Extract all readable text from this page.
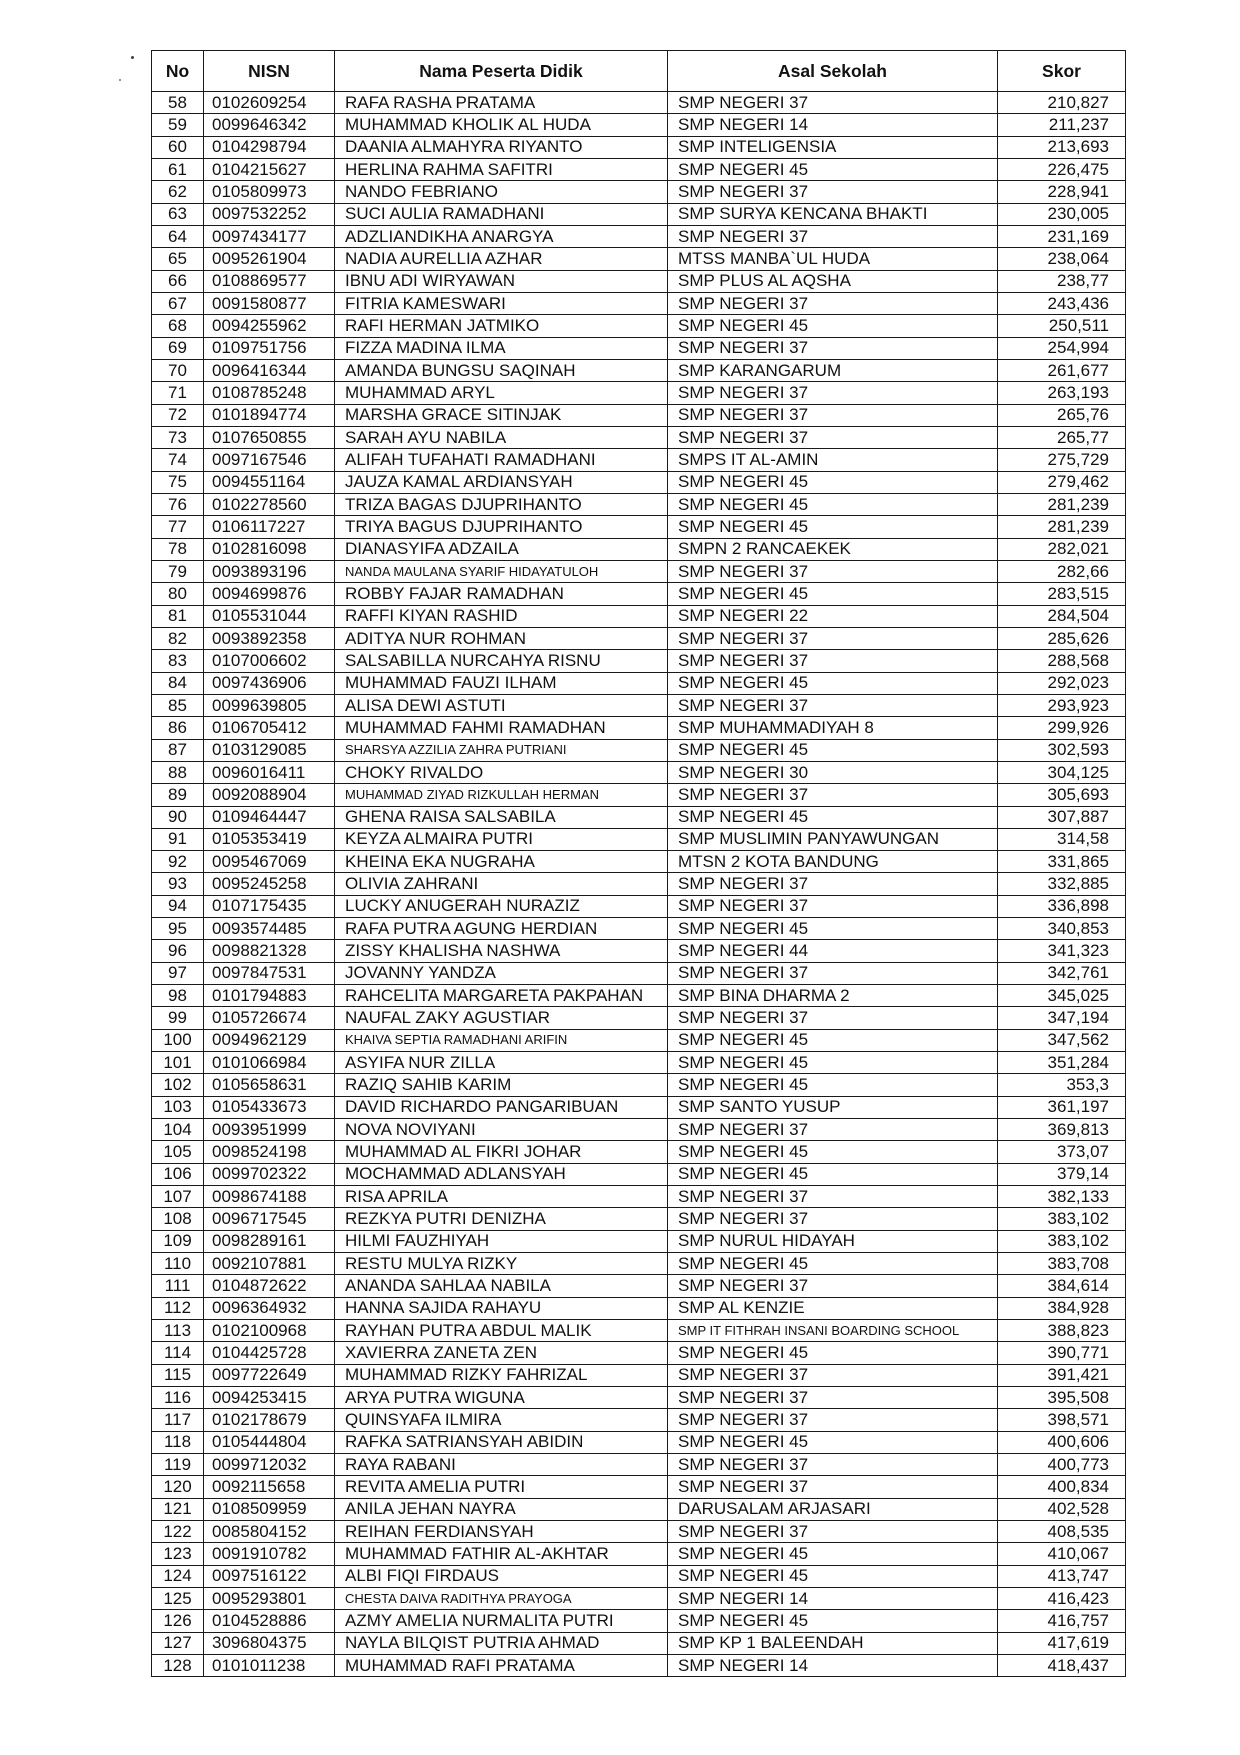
No	NISN	Nama Peserta Didik	Asal Sekolah	Skor
58	0102609254	RAFA RASHA PRATAMA	SMP NEGERI 37	210,827
59	0099646342	MUHAMMAD KHOLIK AL HUDA	SMP NEGERI 14	211,237
60	0104298794	DAANIA ALMAHYRA RIYANTO	SMP INTELIGENSIA	213,693
61	0104215627	HERLINA RAHMA SAFITRI	SMP NEGERI 45	226,475
62	0105809973	NANDO FEBRIANO	SMP NEGERI 37	228,941
63	0097532252	SUCI AULIA RAMADHANI	SMP SURYA KENCANA BHAKTI	230,005
64	0097434177	ADZLIANDIKHA ANARGYA	SMP NEGERI 37	231,169
65	0095261904	NADIA AURELLIA AZHAR	MTSS MANBA`UL HUDA	238,064
66	0108869577	IBNU ADI WIRYAWAN	SMP PLUS AL AQSHA	238,77
67	0091580877	FITRIA KAMESWARI	SMP NEGERI 37	243,436
68	0094255962	RAFI HERMAN JATMIKO	SMP NEGERI 45	250,511
69	0109751756	FIZZA MADINA ILMA	SMP NEGERI 37	254,994
70	0096416344	AMANDA BUNGSU SAQINAH	SMP KARANGARUM	261,677
71	0108785248	MUHAMMAD ARYL	SMP NEGERI 37	263,193
72	0101894774	MARSHA GRACE SITINJAK	SMP NEGERI 37	265,76
73	0107650855	SARAH AYU NABILA	SMP NEGERI 37	265,77
74	0097167546	ALIFAH TUFAHATI RAMADHANI	SMPS IT AL-AMIN	275,729
75	0094551164	JAUZA KAMAL ARDIANSYAH	SMP NEGERI 45	279,462
76	0102278560	TRIZA BAGAS DJUPRIHANTO	SMP NEGERI 45	281,239
77	0106117227	TRIYA BAGUS DJUPRIHANTO	SMP NEGERI 45	281,239
78	0102816098	DIANASYIFA ADZAILA	SMPN 2 RANCAEKEK	282,021
79	0093893196	NANDA MAULANA SYARIF HIDAYATULOH	SMP NEGERI 37	282,66
80	0094699876	ROBBY FAJAR RAMADHAN	SMP NEGERI 45	283,515
81	0105531044	RAFFI KIYAN RASHID	SMP NEGERI 22	284,504
82	0093892358	ADITYA NUR ROHMAN	SMP NEGERI 37	285,626
83	0107006602	SALSABILLA NURCAHYA RISNU	SMP NEGERI 37	288,568
84	0097436906	MUHAMMAD FAUZI ILHAM	SMP NEGERI 45	292,023
85	0099639805	ALISA DEWI ASTUTI	SMP NEGERI 37	293,923
86	0106705412	MUHAMMAD FAHMI RAMADHAN	SMP MUHAMMADIYAH 8	299,926
87	0103129085	SHARSYA AZZILIA ZAHRA PUTRIANI	SMP NEGERI 45	302,593
88	0096016411	CHOKY RIVALDO	SMP NEGERI 30	304,125
89	0092088904	MUHAMMAD ZIYAD RIZKULLAH HERMAN	SMP NEGERI 37	305,693
90	0109464447	GHENA RAISA SALSABILA	SMP NEGERI 45	307,887
91	0105353419	KEYZA ALMAIRA PUTRI	SMP MUSLIMIN PANYAWUNGAN	314,58
92	0095467069	KHEINA EKA NUGRAHA	MTSN 2 KOTA BANDUNG	331,865
93	0095245258	OLIVIA ZAHRANI	SMP NEGERI 37	332,885
94	0107175435	LUCKY ANUGERAH NURAZIZ	SMP NEGERI 37	336,898
95	0093574485	RAFA PUTRA AGUNG HERDIAN	SMP NEGERI 45	340,853
96	0098821328	ZISSY KHALISHA NASHWA	SMP NEGERI 44	341,323
97	0097847531	JOVANNY YANDZA	SMP NEGERI 37	342,761
98	0101794883	RAHCELITA MARGARETA PAKPAHAN	SMP BINA DHARMA 2	345,025
99	0105726674	NAUFAL ZAKY AGUSTIAR	SMP NEGERI 37	347,194
100	0094962129	KHAIVA SEPTIA RAMADHANI ARIFIN	SMP NEGERI 45	347,562
101	0101066984	ASYIFA NUR ZILLA	SMP NEGERI 45	351,284
102	0105658631	RAZIQ SAHIB KARIM	SMP NEGERI 45	353,3
103	0105433673	DAVID RICHARDO PANGARIBUAN	SMP SANTO YUSUP	361,197
104	0093951999	NOVA NOVIYANI	SMP NEGERI 37	369,813
105	0098524198	MUHAMMAD AL FIKRI JOHAR	SMP NEGERI 45	373,07
106	0099702322	MOCHAMMAD ADLANSYAH	SMP NEGERI 45	379,14
107	0098674188	RISA APRILA	SMP NEGERI 37	382,133
108	0096717545	REZKYA PUTRI DENIZHA	SMP NEGERI 37	383,102
109	0098289161	HILMI FAUZHIYAH	SMP NURUL HIDAYAH	383,102
110	0092107881	RESTU MULYA RIZKY	SMP NEGERI 45	383,708
111	0104872622	ANANDA SAHLAA NABILA	SMP NEGERI 37	384,614
112	0096364932	HANNA SAJIDA RAHAYU	SMP AL KENZIE	384,928
113	0102100968	RAYHAN PUTRA ABDUL MALIK	SMP IT FITHRAH INSANI BOARDING SCHOOL	388,823
114	0104425728	XAVIERRA ZANETA ZEN	SMP NEGERI 45	390,771
115	0097722649	MUHAMMAD RIZKY FAHRIZAL	SMP NEGERI 37	391,421
116	0094253415	ARYA PUTRA WIGUNA	SMP NEGERI 37	395,508
117	0102178679	QUINSYAFA ILMIRA	SMP NEGERI 37	398,571
118	0105444804	RAFKA SATRIANSYAH ABIDIN	SMP NEGERI 45	400,606
119	0099712032	RAYA RABANI	SMP NEGERI 37	400,773
120	0092115658	REVITA AMELIA PUTRI	SMP NEGERI 37	400,834
121	0108509959	ANILA JEHAN NAYRA	DARUSALAM ARJASARI	402,528
122	0085804152	REIHAN FERDIANSYAH	SMP NEGERI 37	408,535
123	0091910782	MUHAMMAD FATHIR AL-AKHTAR	SMP NEGERI 45	410,067
124	0097516122	ALBI FIQI FIRDAUS	SMP NEGERI 45	413,747
125	0095293801	CHESTA DAIVA RADITHYA PRAYOGA	SMP NEGERI 14	416,423
126	0104528886	AZMY AMELIA NURMALITA PUTRI	SMP NEGERI 45	416,757
127	3096804375	NAYLA BILQIST PUTRIA AHMAD	SMP KP 1 BALEENDAH	417,619
128	0101011238	MUHAMMAD RAFI PRATAMA	SMP NEGERI 14	418,437
